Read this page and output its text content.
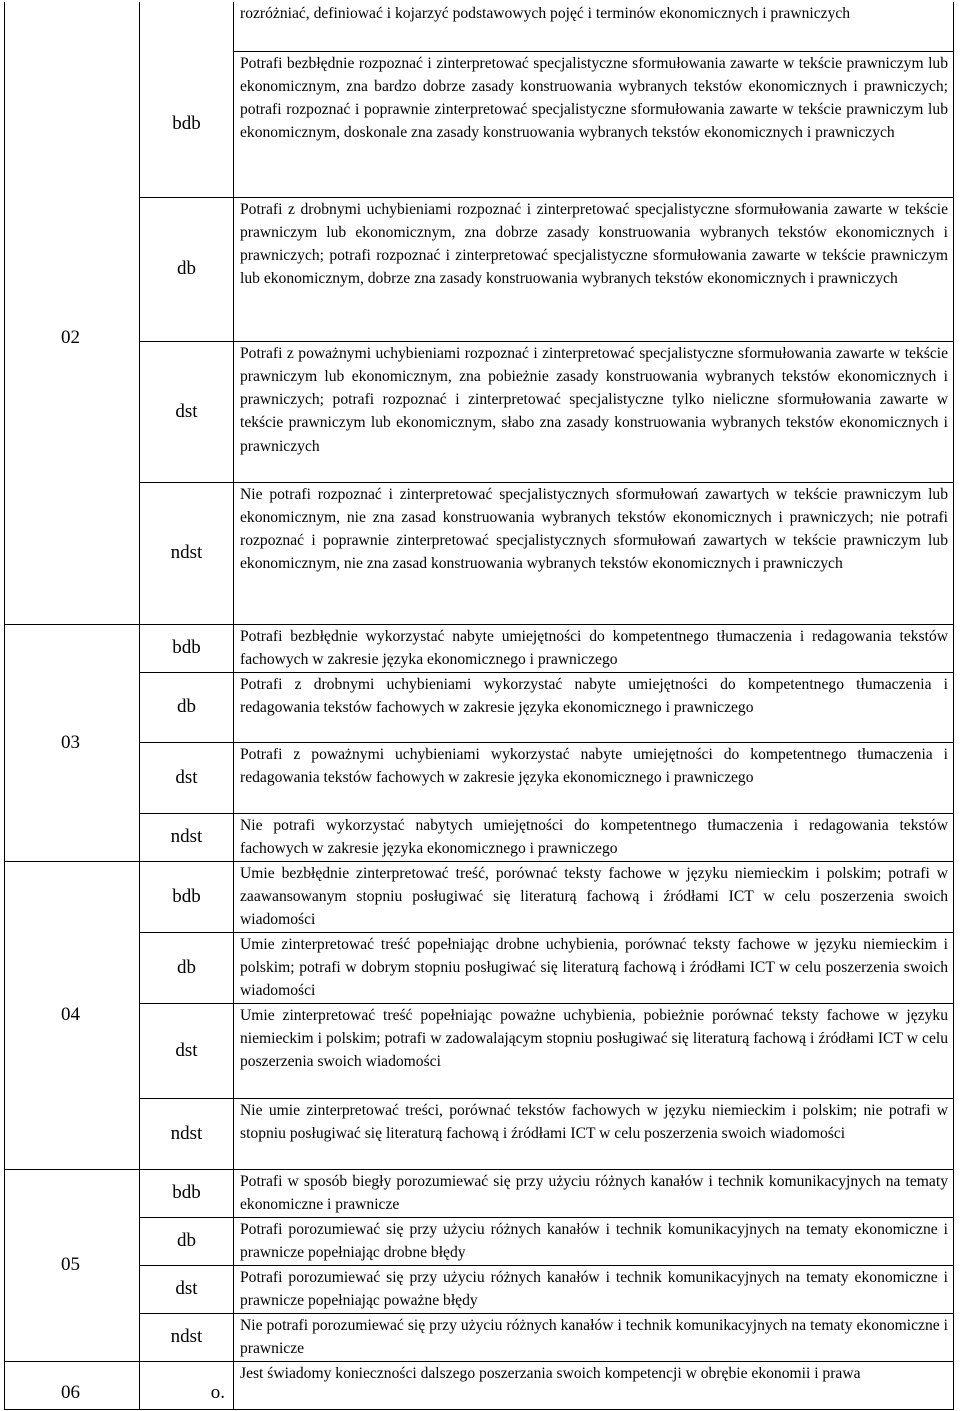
		rozróżniać, definiować i kojarzyć podstawowych pojęć i terminów ekonomicznych i prawniczych
02	bdb	Potrafi bezbłędnie rozpoznać i zinterpretować specjalistyczne sformułowania zawarte w tekście prawniczym lub ekonomicznym, zna bardzo dobrze zasady konstruowania wybranych tekstów ekonomicznych i prawniczych; potrafi rozpoznać i poprawnie zinterpretować specjalistyczne sformułowania zawarte w tekście prawniczym lub ekonomicznym, doskonale zna zasady konstruowania wybranych tekstów ekonomicznych i prawniczych
	db	Potrafi z drobnymi uchybieniami rozpoznać i zinterpretować specjalistyczne sformułowania zawarte w tekście prawniczym lub ekonomicznym, zna dobrze zasady konstruowania wybranych tekstów ekonomicznych i prawniczych; potrafi rozpoznać i zinterpretować specjalistyczne sformułowania zawarte w tekście prawniczym lub ekonomicznym, dobrze zna zasady konstruowania wybranych tekstów ekonomicznych i prawniczych
	dst	Potrafi z poważnymi uchybieniami rozpoznać i zinterpretować specjalistyczne sformułowania zawarte w tekście prawniczym lub ekonomicznym, zna pobieżnie zasady konstruowania wybranych tekstów ekonomicznych i prawniczych; potrafi rozpoznać i zinterpretować specjalistyczne tylko nieliczne sformułowania zawarte w tekście prawniczym lub ekonomicznym, słabo zna zasady konstruowania wybranych tekstów ekonomicznych i prawniczych
	ndst	Nie potrafi rozpoznać i zinterpretować specjalistycznych sformułowań zawartych w tekście prawniczym lub ekonomicznym, nie zna zasad konstruowania wybranych tekstów ekonomicznych i prawniczych; nie potrafi rozpoznać i poprawnie zinterpretować specjalistycznych sformułowań zawartych w tekście prawniczym lub ekonomicznym, nie zna zasad konstruowania wybranych tekstów ekonomicznych i prawniczych
03	bdb	Potrafi bezbłędnie wykorzystać nabyte umiejętności do kompetentnego tłumaczenia i redagowania tekstów fachowych w zakresie języka ekonomicznego i prawniczego
	db	Potrafi z drobnymi uchybieniami wykorzystać nabyte umiejętności do kompetentnego tłumaczenia i redagowania tekstów fachowych w zakresie języka ekonomicznego i prawniczego
	dst	Potrafi z poważnymi uchybieniami wykorzystać nabyte umiejętności do kompetentnego tłumaczenia i redagowania tekstów fachowych w zakresie języka ekonomicznego i prawniczego
	ndst	Nie potrafi wykorzystać nabytych umiejętności do kompetentnego tłumaczenia i redagowania tekstów fachowych w zakresie języka ekonomicznego i prawniczego
04	bdb	Umie bezbłędnie zinterpretować treść, porównać teksty fachowe w języku niemieckim i polskim; potrafi w zaawansowanym stopniu posługiwać się literaturą fachową i źródłami ICT w celu poszerzenia swoich wiadomości
	db	Umie zinterpretować treść popełniając drobne uchybienia, porównać teksty fachowe w języku niemieckim i polskim; potrafi w dobrym stopniu posługiwać się literaturą fachową i źródłami ICT w celu poszerzenia swoich wiadomości
	dst	Umie zinterpretować treść popełniając poważne uchybienia, pobieżnie porównać teksty fachowe w języku niemieckim i polskim; potrafi w zadowalającym stopniu posługiwać się literaturą fachową i źródłami ICT w celu poszerzenia swoich wiadomości
	ndst	Nie umie zinterpretować treści, porównać tekstów fachowych w języku niemieckim i polskim; nie potrafi w stopniu posługiwać się literaturą fachową i źródłami ICT w celu poszerzenia swoich wiadomości
05	bdb	Potrafi w sposób biegły porozumiewać się przy użyciu różnych kanałów i technik komunikacyjnych na tematy ekonomiczne i prawnicze
	db	Potrafi porozumiewać się przy użyciu różnych kanałów i technik komunikacyjnych na tematy ekonomiczne i prawnicze popełniając drobne błędy
	dst	Potrafi porozumiewać się przy użyciu różnych kanałów i technik komunikacyjnych na tematy ekonomiczne i prawnicze popełniając poważne błędy
	ndst	Nie potrafi porozumiewać się przy użyciu różnych kanałów i technik komunikacyjnych na tematy ekonomiczne i prawnicze
06	o.	Jest świadomy konieczności dalszego poszerzania swoich kompetencji w obrębie ekonomii i prawa
